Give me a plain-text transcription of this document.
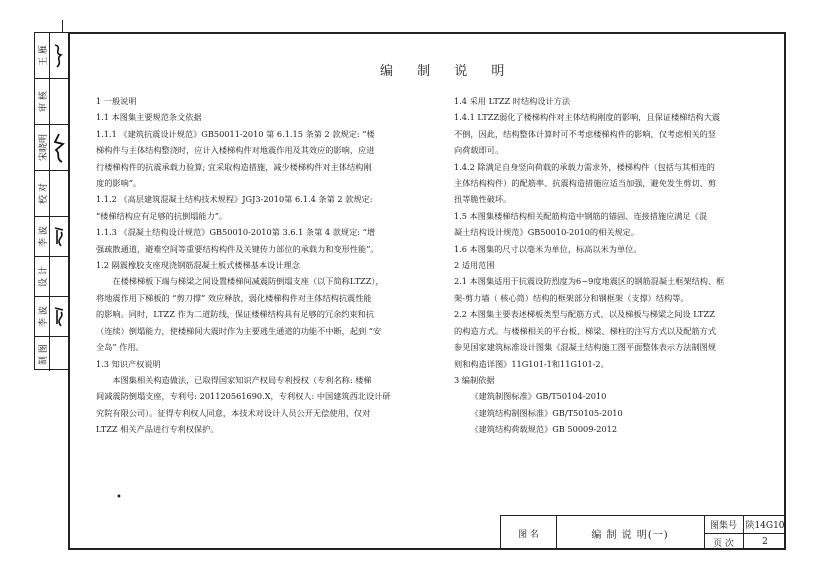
王 雁
审 核
宋晓明
校 对
李 波
设 计
李 波
制 图
编 制 说 明
1 一般说明
1.1 本图集主要规范条文依据
1.1.1 《建筑抗震设计规范》GB50011-2010 第 6.1.15 条第 2 款规定: “楼
梯构件与主体结构整浇时，应计入楼梯构件对地震作用及其效应的影响，应进
行楼梯构件的抗震承载力验算; 宜采取构造措施，减少楼梯构件对主体结构刚
度的影响”。
1.1.2 《高层建筑混凝土结构技术规程》JGJ3-2010第 6.1.4 条第 2 款规定:
“楼梯结构应有足够的抗倒塌能力”。
1.1.3 《混凝土结构设计规范》GB50010-2010第 3.6.1 条第 4 款规定: “增
强疏散通道，避难空间等重要结构构件及关键传力部位的承载力和变形性能”。
1.2 隔震橡胶支座现浇钢筋混凝土板式楼梯基本设计理念
在楼梯梯板下端与梯梁之间设置楼梯间减震防倒塌支座（以下简称LTZZ），
将地震作用下梯板的 “剪刀撑” 效应释放，弱化楼梯构件对主体结构抗震性能
的影响。同时，LTZZ 作为二道防线，保证楼梯结构具有足够的冗余约束和抗
（连续）倒塌能力，使楼梯间大震时作为主要逃生通道的功能不中断，起到 “安
全岛” 作用。
1.3 知识产权说明
本图集相关构造做法，已取得国家知识产权局专利授权（专利名称: 楼梯
间减震防倒塌支座，专利号: 201120561690.X，专利权人: 中国建筑西北设计研
究院有限公司）。征得专利权人同意，本技术对设计人员公开无偿使用，仅对
LTZZ 相关产品进行专利权保护。
1.4 采用 LTZZ 时结构设计方法
1.4.1 LTZZ弱化了楼梯构件对主体结构刚度的影响，且保证楼梯结构大震
不倒，因此，结构整体计算时可不考虑楼梯构件的影响，仅考虑相关的竖
向荷载即可。
1.4.2 除满足自身竖向荷载的承载力需求外，楼梯构件（包括与其相连的
主体结构构件）的配筋率、抗震构造措施应适当加强，避免发生剪切、剪
扭等脆性破坏。
1.5 本图集楼梯结构相关配筋构造中钢筋的锚固、连接措施应满足《混
凝土结构设计规范》GB50010-2010的相关规定。
1.6 本图集的尺寸以毫米为单位，标高以米为单位。
2 适用范围
2.1 本图集适用于抗震设防烈度为6~9度地震区的钢筋混凝土框架结构、框
架-剪力墙（ 核心筒）结构的框架部分和钢框架（支撑）结构等。
2.2 本图集主要表述梯板类型与配筋方式，以及梯板与梯梁之间设 LTZZ
的构造方式。与楼梯相关的平台板、梯梁、梯柱的注写方式以及配筋方式
参见国家建筑标准设计图集《混凝土结构施工图平面整体表示方法制图规
则和构造详图》11G101-1和11G101-2。
3 编制依据
《建筑制图标准》GB/T50104-2010
《建筑结构制图标准》GB/T50105-2010
《建筑结构荷载规范》GB 50009-2012
•
图 名	编 制 说 明(一)
图集号 陕14G10
页 次	2
